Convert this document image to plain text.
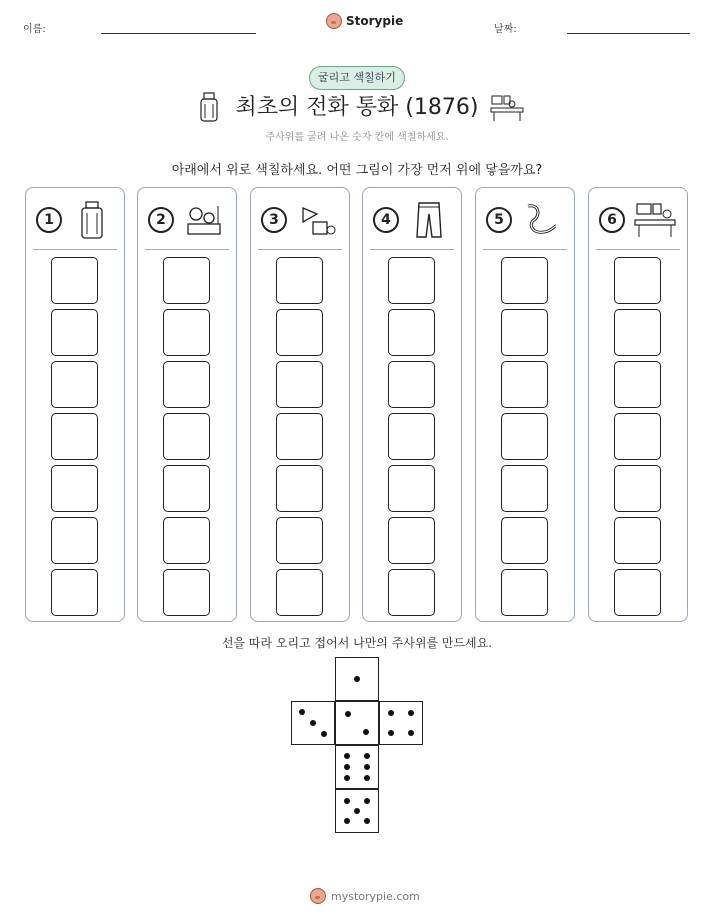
이름:
Storypie
날짜:
굴리고 색칠하기
최초의 전화 통화 (1876)
주사위를 굴려 나온 숫자 칸에 색칠하세요.
아래에서 위로 색칠하세요. 어떤 그림이 가장 먼저 위에 닿을까요?
1	2	3	4	5	6
선을 따라 오리고 접어서 나만의 주사위를 만드세요.
mystorypie.com
